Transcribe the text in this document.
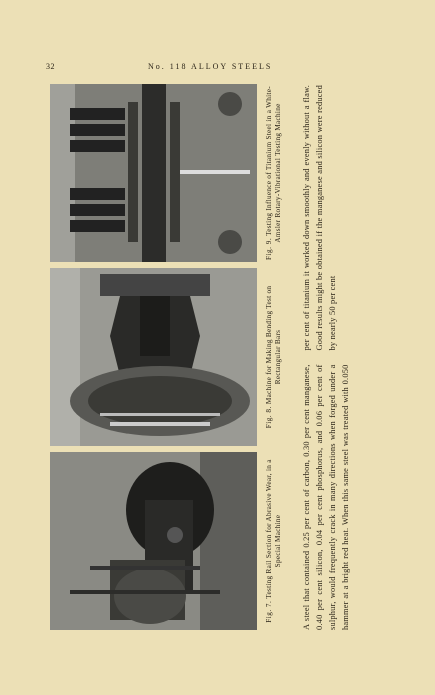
32	No. 118 ALLOY STEELS
Fig. 7. Testing Rail Section for Abrasive Wear, in a Special Machine
Fig. 8. Machine for Making Bending Test on Rectangular Bars
Fig. 9. Testing Influence of Titanium Steel in a White-Amsler Rotary-Vibrational Testing Machine
A steel that contained 0.25 per cent of carbon, 0.30 per cent manganese, 0.40 per cent silicon, 0.04 per cent phosphorus, and 0.06 per cent of sulphur, would frequently crack in many directions when forged under a hammer at a bright red heat. When this same steel was treated with 0.050 per cent of titanium it worked down smoothly and evenly without a flaw. Good results might be obtained if the manganese and silicon were reduced by nearly 50 per cent
